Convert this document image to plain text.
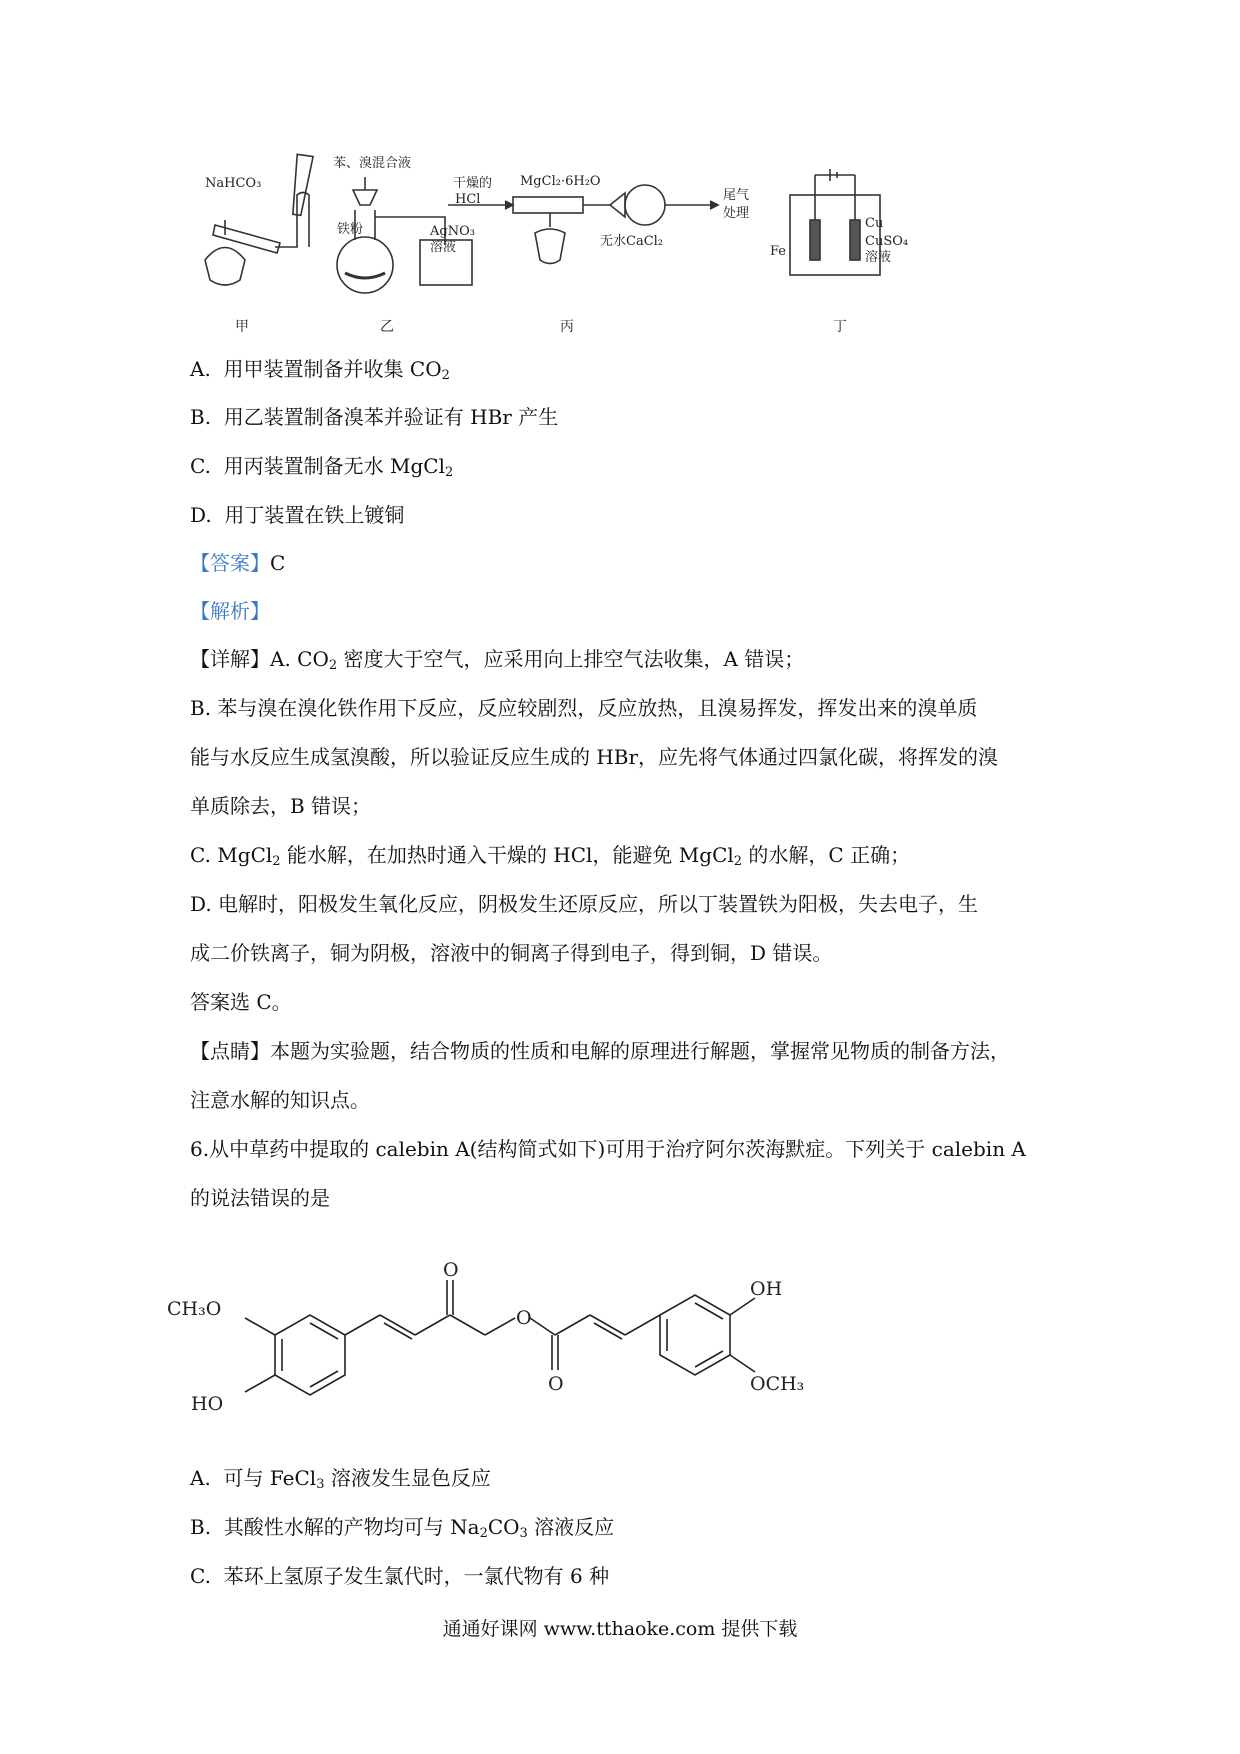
NaHCO₃
苯、溴混合液
铁粉	AgNO₃
溶液
干燥的
HCl
MgCl₂·6H₂O
无水CaCl₂
尾气
处理
Cu
CuSO₄
溶液
Fe
甲	乙	丙	丁
A. 用甲装置制备并收集 $CO_2$
B. 用乙装置制备溴苯并验证有 HBr 产生
C. 用丙装置制备无水 MgCl$_2$
D. 用丁装置在铁上镀铜
【答案】C
【解析】
【详解】A. $CO_2$ 密度大于空气，应采用向上排空气法收集，A 错误；
B. 苯与溴在溴化铁作用下反应，反应较剧烈，反应放热，且溴易挥发，挥发出来的溴单质
能与水反应生成氢溴酸，所以验证反应生成的 HBr，应先将气体通过四氯化碳，将挥发的溴
单质除去，B 错误；
C. MgCl$_2$ 能水解，在加热时通入干燥的 HCl，能避免 MgCl$_2$ 的水解，C 正确；
D. 电解时，阳极发生氧化反应，阴极发生还原反应，所以丁装置铁为阳极，失去电子，生
成二价铁离子，铜为阴极，溶液中的铜离子得到电子，得到铜，D 错误。
答案选 C。
【点睛】本题为实验题，结合物质的性质和电解的原理进行解题，掌握常见物质的制备方法，
注意水解的知识点。
6.从中草药中提取的 calebin A(结构简式如下)可用于治疗阿尔茨海默症。下列关于 calebin A
的说法错误的是
CH₃O
HO
O
O
O
OH
OCH₃
A. 可与 FeCl$_3$ 溶液发生显色反应
B. 其酸性水解的产物均可与 $Na_2CO_3$ 溶液反应
C. 苯环上氢原子发生氯代时，一氯代物有 6 种
通通好课网 www.tthaoke.com 提供下载
